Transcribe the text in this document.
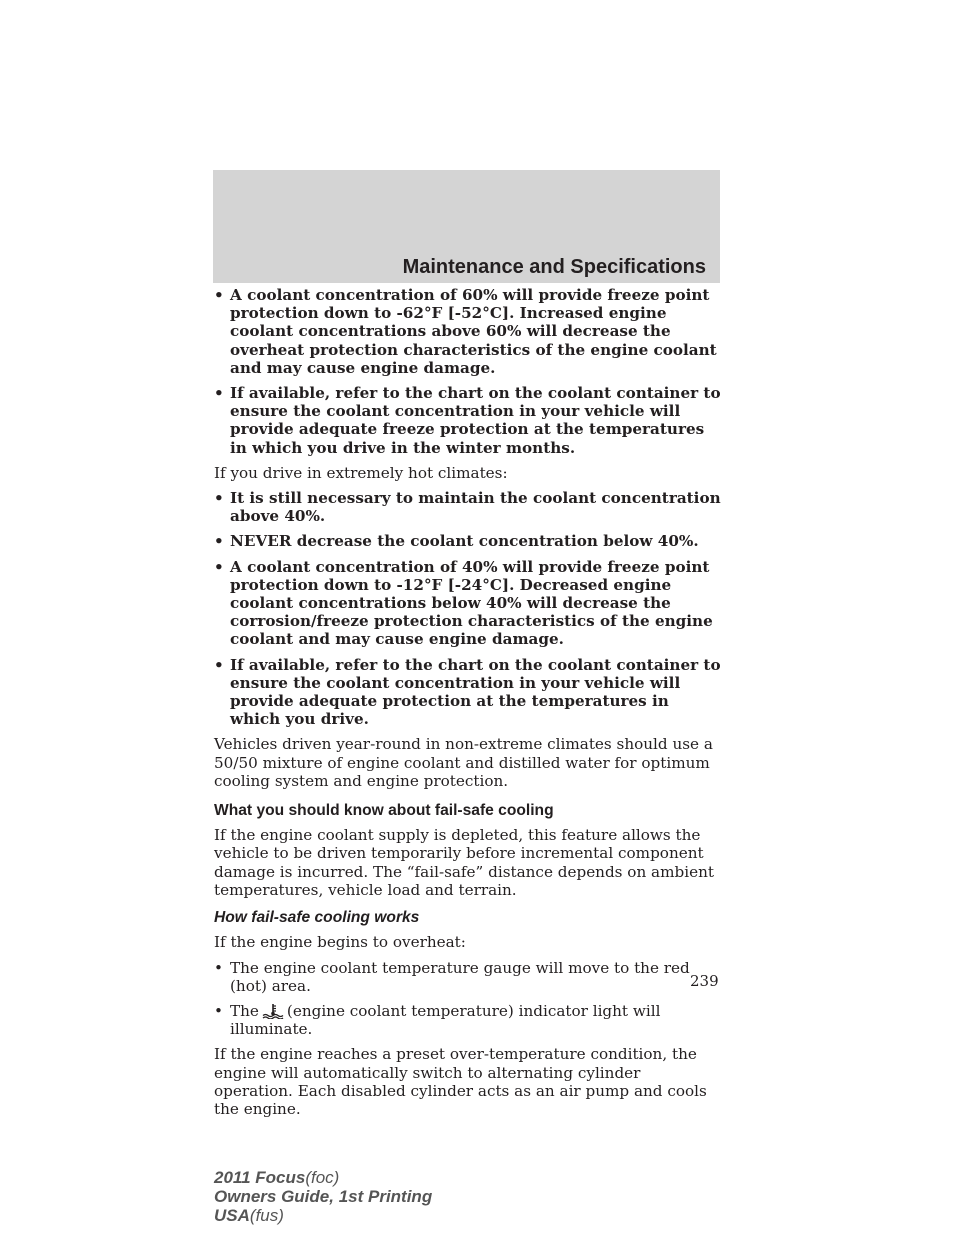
Maintenance and Specifications
• A coolant concentration of 60% will provide freeze point protection down to -62°F [-52°C]. Increased engine coolant concentrations above 60% will decrease the overheat protection characteristics of the engine coolant and may cause engine damage.
• If available, refer to the chart on the coolant container to ensure the coolant concentration in your vehicle will provide adequate freeze protection at the temperatures in which you drive in the winter months.
If you drive in extremely hot climates:
• It is still necessary to maintain the coolant concentration above 40%.
• NEVER decrease the coolant concentration below 40%.
• A coolant concentration of 40% will provide freeze point protection down to -12°F [-24°C]. Decreased engine coolant concentrations below 40% will decrease the corrosion/freeze protection characteristics of the engine coolant and may cause engine damage.
• If available, refer to the chart on the coolant container to ensure the coolant concentration in your vehicle will provide adequate protection at the temperatures in which you drive.
Vehicles driven year-round in non-extreme climates should use a 50/50 mixture of engine coolant and distilled water for optimum cooling system and engine protection.
What you should know about fail-safe cooling
If the engine coolant supply is depleted, this feature allows the vehicle to be driven temporarily before incremental component damage is incurred. The “fail-safe” distance depends on ambient temperatures, vehicle load and terrain.
How fail-safe cooling works
If the engine begins to overheat:
• The engine coolant temperature gauge will move to the red (hot) area.
• The (engine coolant temperature) indicator light will illuminate.
If the engine reaches a preset over-temperature condition, the engine will automatically switch to alternating cylinder operation. Each disabled cylinder acts as an air pump and cools the engine.
239
2011 Focus(foc)
Owners Guide, 1st Printing
USA(fus)
